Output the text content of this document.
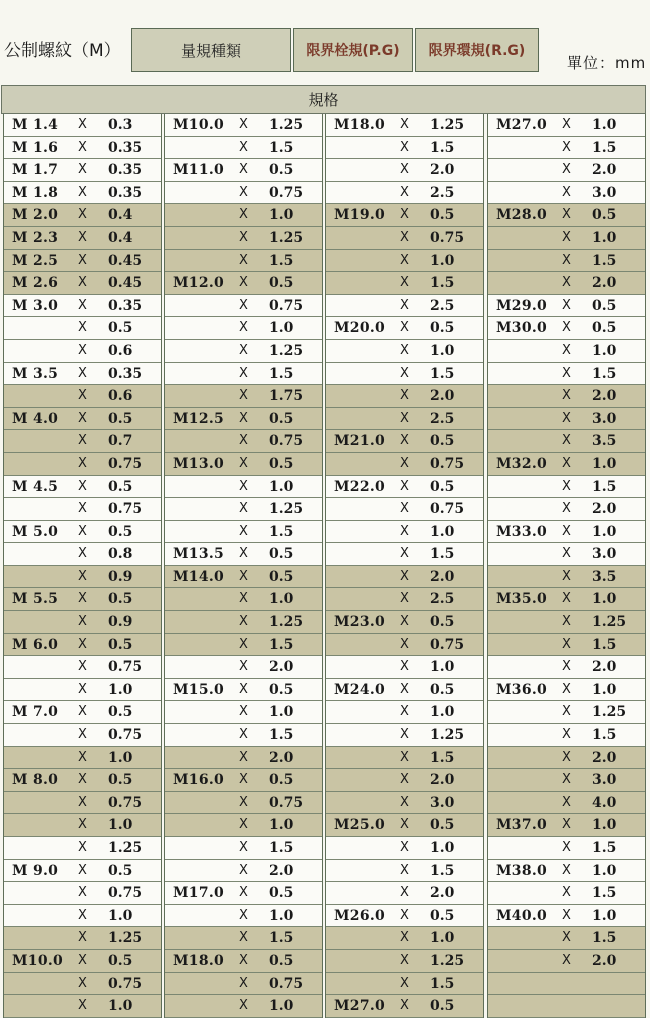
公制螺紋（M）	量規種類	限界栓規(P.G)	限界環規(R.G)
單位：mm
規格
M 1.4 X 0.3
M 1.6 X 0.35
M 1.7 X 0.35
M 1.8 X 0.35
M 2.0 X 0.4
M 2.3 X 0.4
M 2.5 X 0.45
M 2.6 X 0.45
M 3.0 X 0.35
X 0.5
X 0.6
M 3.5 X 0.35
X 0.6
M 4.0 X 0.5
X 0.7
X 0.75
M 4.5 X 0.5
X 0.75
M 5.0 X 0.5
X 0.8
X 0.9
M 5.5 X 0.5
X 0.9
M 6.0 X 0.5
X 0.75
X 1.0
M 7.0 X 0.5
X 0.75
X 1.0
M 8.0 X 0.5
X 0.75
X 1.0
X 1.25
M 9.0 X 0.5
X 0.75
X 1.0
X 1.25
M10.0 X 0.5
X 0.75
X 1.0
M10.0 X 1.25
X 1.5
M11.0 X 0.5
X 0.75
X 1.0
X 1.25
X 1.5
M12.0 X 0.5
X 0.75
X 1.0
X 1.25
X 1.5
X 1.75
M12.5 X 0.5
X 0.75
M13.0 X 0.5
X 1.0
X 1.25
X 1.5
M13.5 X 0.5
M14.0 X 0.5
X 1.0
X 1.25
X 1.5
X 2.0
M15.0 X 0.5
X 1.0
X 1.5
X 2.0
M16.0 X 0.5
X 0.75
X 1.0
X 1.5
X 2.0
M17.0 X 0.5
X 1.0
X 1.5
M18.0 X 0.5
X 0.75
X 1.0
M18.0 X 1.25
X 1.5
X 2.0
X 2.5
M19.0 X 0.5
X 0.75
X 1.0
X 1.5
X 2.5
M20.0 X 0.5
X 1.0
X 1.5
X 2.0
X 2.5
M21.0 X 0.5
X 0.75
M22.0 X 0.5
X 0.75
X 1.0
X 1.5
X 2.0
X 2.5
M23.0 X 0.5
X 0.75
X 1.0
M24.0 X 0.5
X 1.0
X 1.25
X 1.5
X 2.0
X 3.0
M25.0 X 0.5
X 1.0
X 1.5
X 2.0
M26.0 X 0.5
X 1.0
X 1.25
X 1.5
M27.0 X 0.5
M27.0 X 1.0
X 1.5
X 2.0
X 3.0
M28.0 X 0.5
X 1.0
X 1.5
X 2.0
M29.0 X 0.5
M30.0 X 0.5
X 1.0
X 1.5
X 2.0
X 3.0
X 3.5
M32.0 X 1.0
X 1.5
X 2.0
M33.0 X 1.0
X 3.0
X 3.5
M35.0 X 1.0
X 1.25
X 1.5
X 2.0
M36.0 X 1.0
X 1.25
X 1.5
X 2.0
X 3.0
X 4.0
M37.0 X 1.0
X 1.5
M38.0 X 1.0
X 1.5
M40.0 X 1.0
X 1.5
X 2.0
